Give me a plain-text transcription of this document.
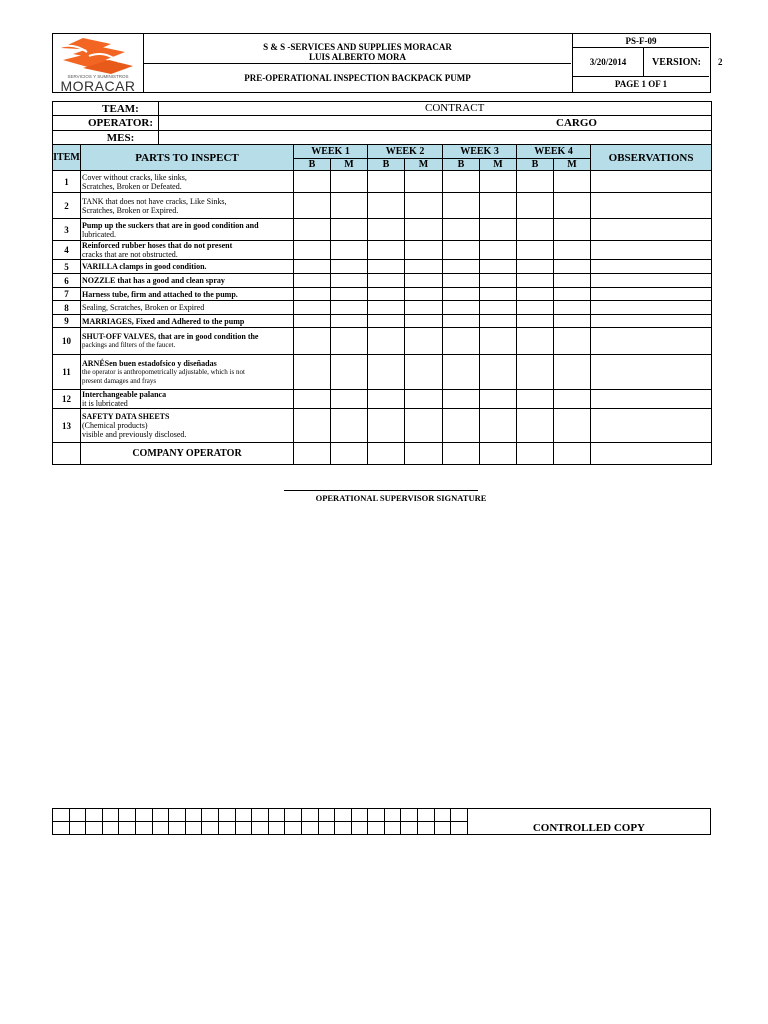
SERVICIOS Y SUMINISTROS
MORACAR
S & S -SERVICES AND SUPPLIES MORACAR
LUIS ALBERTO MORA
PRE-OPERATIONAL INSPECTION BACKPACK PUMP
PS-F-09
3/20/2014	VERSION:
PAGE 1 OF 1
2
TEAM:		CONTRACT									

OPERATOR:		CARGO									

MES:											
ITEM	PARTS TO INSPECT		WEEK 1		WEEK 2		WEEK 3		WEEK 4		OBSERVATIONS
			B	M	B	M	B	M	B	M	
1	Cover without cracks, like sinks,
Scratches, Broken or Defeated.										

2	TANK that does not have cracks, Like Sinks,
Scratches, Broken or Expired.										

3	Pump up the suckers that are in good condition and
lubricated.										

4	Reinforced rubber hoses that do not present
cracks that are not obstructed.										

5	VARILLA clamps in good condition.										

6	NOZZLE that has a good and clean spray										

7	Harness tube, firm and attached to the pump.										

8	Sealing, Scratches, Broken or Expired										

9	MARRIAGES, Fixed and Adhered to the pump										

10	SHUT-OFF VALVES, that are in good condition the
packings and filters of the faucet.										

11	ARNÉSen buen estadofsico y diseñadas
the operator is anthropometrically adjustable, which is not
present damages and frays										

12	Interchangeable palanca
it is lubricated										

13	SAFETY DATA SHEETS
(Chemical products)
visible and previously disclosed.										

	COMPANY OPERATOR										
OPERATIONAL SUPERVISOR SIGNATURE
																									CONTROLLED COPY
